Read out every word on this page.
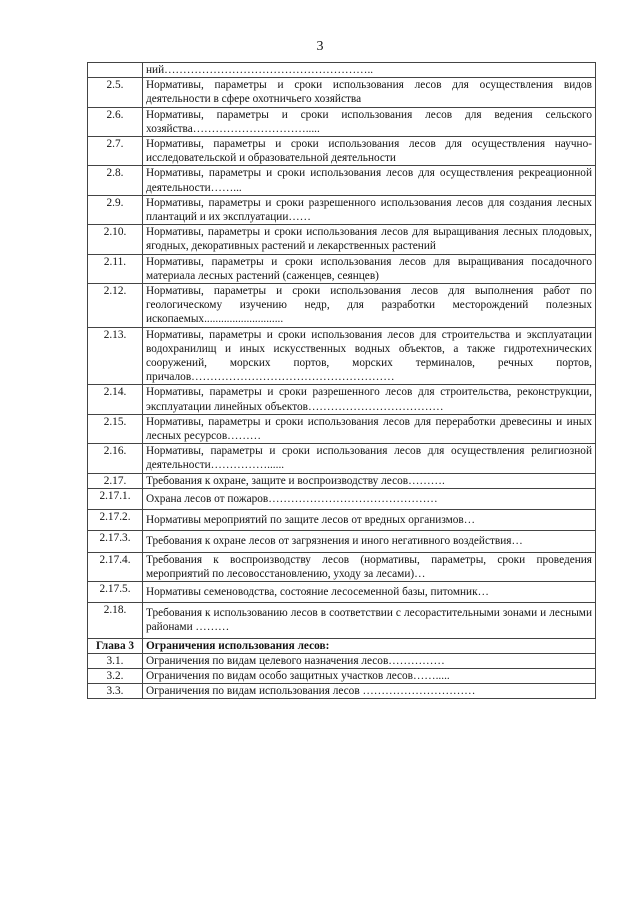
3
	ний………………………………………………..
2.5.	Нормативы, параметры и сроки использования лесов для осуществления видов деятельности в сфере охотничьего хозяйства
2.6.	Нормативы, параметры и сроки использования лесов для ведения сельского хозяйства………………………….....
2.7.	Нормативы, параметры и сроки использования лесов для осуществления научно-исследовательской и образовательной деятельности
2.8.	Нормативы, параметры и сроки использования лесов для осуществления рекреационной деятельности……...
2.9.	Нормативы, параметры и сроки разрешенного использования лесов для создания лесных плантаций и их эксплуатации……
2.10.	Нормативы, параметры и сроки использования лесов для выращивания лесных плодовых, ягодных, декоративных растений и лекарственных растений
2.11.	Нормативы, параметры и сроки использования лесов для выращивания посадочного материала лесных растений (саженцев, сеянцев)
2.12.	Нормативы, параметры и сроки использования лесов для выполнения работ по геологическому изучению недр, для разработки месторождений полезных ископаемых............................
2.13.	Нормативы, параметры и сроки использования лесов для строительства и эксплуатации водохранилищ и иных искусственных водных объектов, а также гидротехнических сооружений, морских портов, морских терминалов, речных портов, причалов………………………………………………
2.14.	Нормативы, параметры и сроки разрешенного лесов для строительства, реконструкции, эксплуатации линейных объектов………………………………
2.15.	Нормативы, параметры и сроки использования лесов для переработки древесины и иных лесных ресурсов………
2.16.	Нормативы, параметры и сроки использования лесов для осуществления религиозной деятельности……………......
2.17.	Требования к охране, защите и воспроизводству лесов……….
2.17.1.	Охрана лесов от пожаров………………………………………
2.17.2.	Нормативы мероприятий по защите лесов от вредных организмов…
2.17.3.	Требования к охране лесов от загрязнения и иного негативного воздействия…
2.17.4.	Требования к воспроизводству лесов (нормативы, параметры, сроки проведения мероприятий по лесовосстановлению, уходу за лесами)…
2.17.5.	Нормативы семеноводства, состояние лесосеменной базы, питомник…
2.18.	Требования к использованию лесов в соответствии с лесорастительными зонами и лесными районами ………
Глава 3	Ограничения использования лесов:
3.1.	Ограничения по видам целевого назначения лесов……………
3.2.	Ограничения по видам особо защитных участков лесов…….....
3.3.	Ограничения по видам использования лесов …………………………
